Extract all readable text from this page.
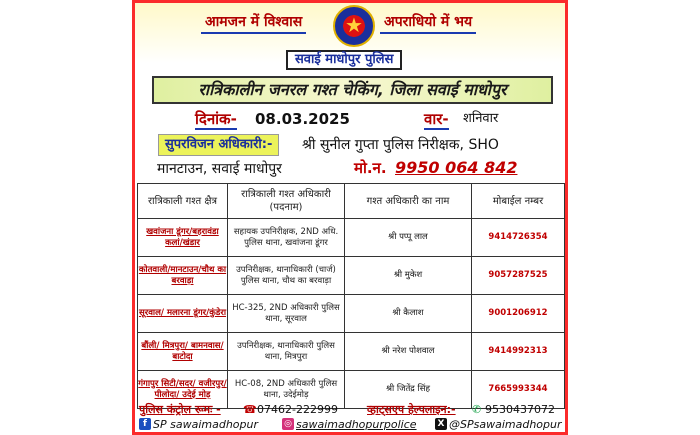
आमजन में विश्वास ★	अपराधियो में भय
सवाई माधोपुर पुलिस
रात्रिकालीन जनरल गश्त चेकिंग, जिला सवाई माधोपुर
दिनांक- 08.03.2025	वार- शनिवार
सुपरविजन अधिकारी:-	श्री सुनील गुप्ता पुलिस निरीक्षक, SHO
मानटाउन, सवाई माधोपुर	मो.न. 9950 064 842
रात्रिकाली गश्त क्षैत्र	रात्रिकाली गश्त अधिकारी (पदनाम)	गश्त अधिकारी का नाम	मोबाईल नम्बर
खवांजना डूंगर/बहरावंडा कलां/खंडार	सहायक उपनिरीक्षक, 2ND अधि. पुलिस थाना, खवांजना डूंगर	श्री पप्पू लाल	9414726354
कोतवाली/मानटाउन/चौथ का बरवाड़ा	उपनिरीक्षक, थानाधिकारी (चार्ज) पुलिस थाना, चौथ का बरवाड़ा	श्री मुकेश	9057287525
सूरवाल/ मलारना डूंगर/कुंडेरा	HC-325, 2ND अधिकारी पुलिस थाना, सूरवाल	श्री कैलाश	9001206912
बौंली/ मित्रपुरा/ बामनवास/ बाटोदा	उपनिरीक्षक, थानाधिकारी पुलिस थाना, मित्रपुरा	श्री नरेश पोशवाल	9414992313
गंगापुर सिटी/सदर/ वजीरपुर/ पीलोदा/ उदेई मोड़	HC-08, 2ND अधिकारी पुलिस थाना, उदेईमोड़	श्री जितेंद्र सिंह	7665993344
पुलिस कंट्रोल रूमः - ☎ 07462-222999	व्हाट्सएप हेल्पलाइन:- ✆ 9530437072
f SP sawaimadhopur	◎ sawaimadhopurpolice X @SPsawaimadhopur
